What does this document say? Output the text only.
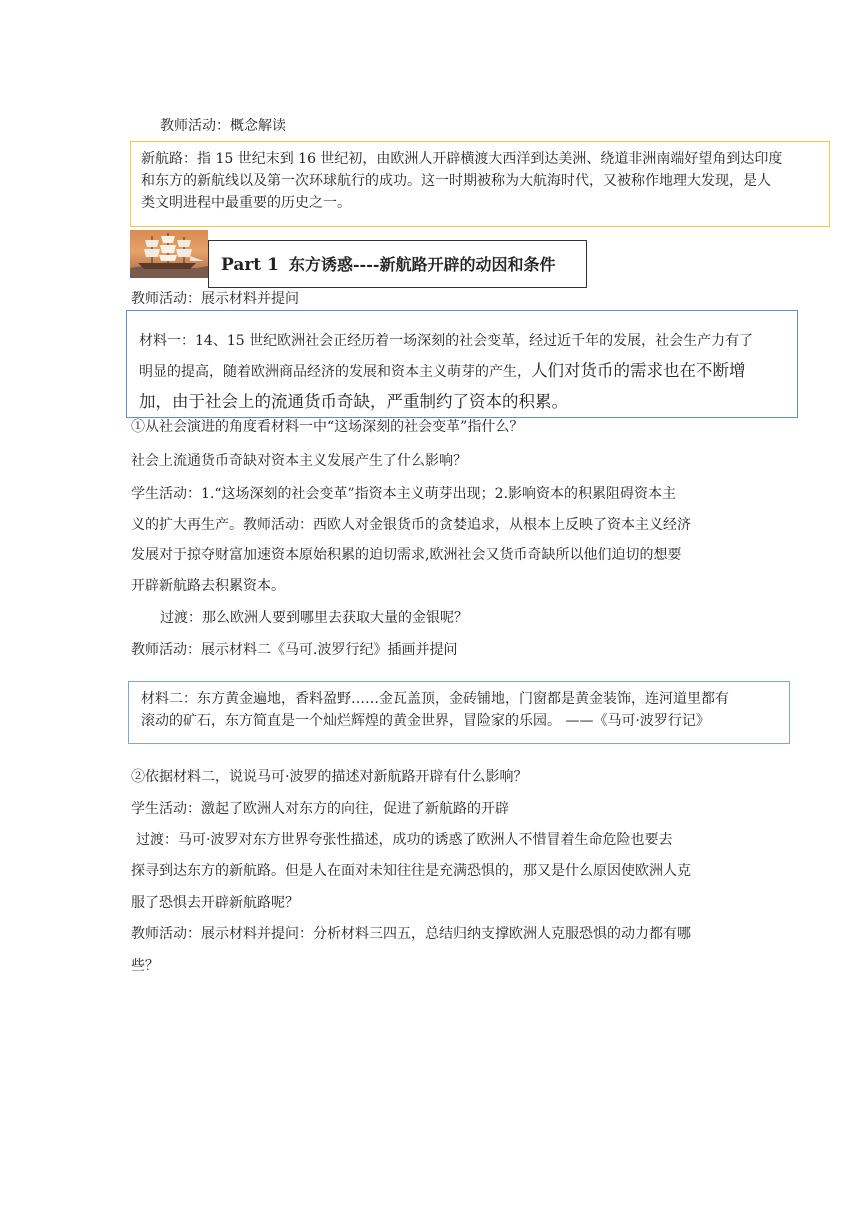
教师活动：概念解读

新航路：指 15 世纪末到 16 世纪初，由欧洲人开辟横渡大西洋到达美洲、绕道非洲南端好望角到达印度

和东方的新航线以及第一次环球航行的成功。这一时期被称为大航海时代，又被称作地理大发现，是人

类文明进程中最重要的历史之一。

Part 1 东方诱惑----新航路开辟的动因和条件
教师活动：展示材料并提问

材料一：14、15 世纪欧洲社会正经历着一场深刻的社会变革，经过近千年的发展，社会生产力有了

明显的提高，随着欧洲商品经济的发展和资本主义萌芽的产生，人们对货币的需求也在不断增

加，由于社会上的流通货币奇缺，严重制约了资本的积累。

①从社会演进的角度看材料一中“这场深刻的社会变革”指什么？
社会上流通货币奇缺对资本主义发展产生了什么影响？
学生活动：1.“这场深刻的社会变革”指资本主义萌芽出现；2.影响资本的积累阻碍资本主
义的扩大再生产。教师活动：西欧人对金银货币的贪婪追求，从根本上反映了资本主义经济
发展对于掠夺财富加速资本原始积累的迫切需求,欧洲社会又货币奇缺所以他们迫切的想要
开辟新航路去积累资本。
过渡：那么欧洲人要到哪里去获取大量的金银呢？
教师活动：展示材料二《马可.波罗行纪》插画并提问

材料二：东方黄金遍地，香料盈野……金瓦盖顶，金砖铺地，门窗都是黄金装饰，连河道里都有

滚动的矿石，东方简直是一个灿烂辉煌的黄金世界，冒险家的乐园。 ——《马可·波罗行记》

②依据材料二，说说马可·波罗的描述对新航路开辟有什么影响？
学生活动：激起了欧洲人对东方的向往，促进了新航路的开辟
过渡：马可·波罗对东方世界夸张性描述，成功的诱惑了欧洲人不惜冒着生命危险也要去
探寻到达东方的新航路。但是人在面对未知往往是充满恐惧的，那又是什么原因使欧洲人克
服了恐惧去开辟新航路呢？
教师活动：展示材料并提问：分析材料三四五，总结归纳支撑欧洲人克服恐惧的动力都有哪
些？
